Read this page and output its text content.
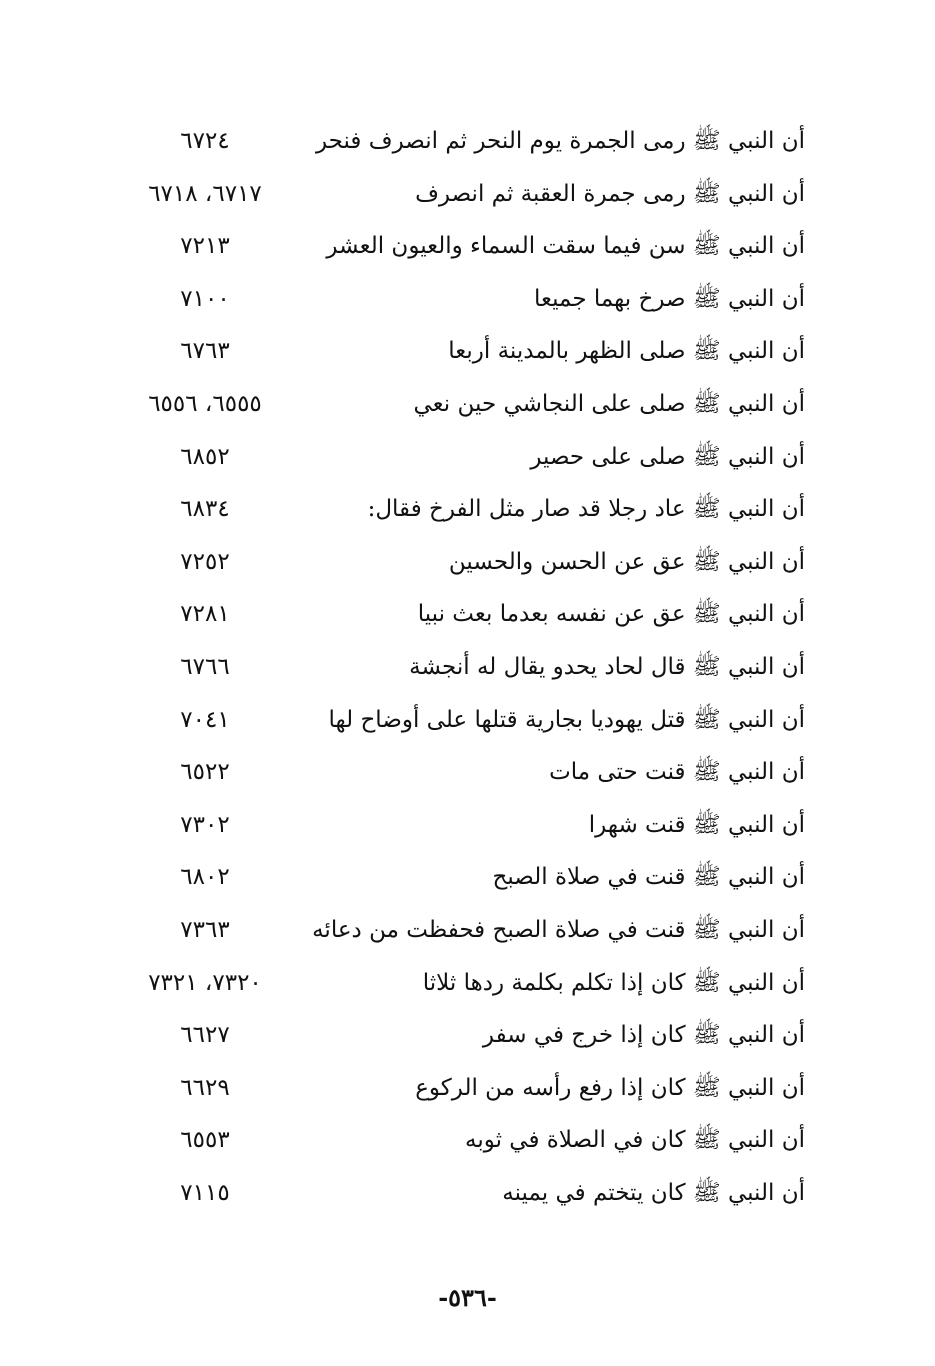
أن النبي ﷺ رمى الجمرة يوم النحر ثم انصرف فنحر
٦٧٢٤
أن النبي ﷺ رمى جمرة العقبة ثم انصرف
٦٧١٧، ٦٧١٨
أن النبي ﷺ سن فيما سقت السماء والعيون العشر
٧٢١٣
أن النبي ﷺ صرخ بهما جميعا
٧١٠٠
أن النبي ﷺ صلى الظهر بالمدينة أربعا
٦٧٦٣
أن النبي ﷺ صلى على النجاشي حين نعي
٦٥٥٥، ٦٥٥٦
أن النبي ﷺ صلى على حصير
٦٨٥٢
أن النبي ﷺ عاد رجلا قد صار مثل الفرخ فقال:
٦٨٣٤
أن النبي ﷺ عق عن الحسن والحسين
٧٢٥٢
أن النبي ﷺ عق عن نفسه بعدما بعث نبيا
٧٢٨١
أن النبي ﷺ قال لحاد يحدو يقال له أنجشة
٦٧٦٦
أن النبي ﷺ قتل يهوديا بجارية قتلها على أوضاح لها
٧٠٤١
أن النبي ﷺ قنت حتى مات
٦٥٢٢
أن النبي ﷺ قنت شهرا
٧٣٠٢
أن النبي ﷺ قنت في صلاة الصبح
٦٨٠٢
أن النبي ﷺ قنت في صلاة الصبح فحفظت من دعائه
٧٣٦٣
أن النبي ﷺ كان إذا تكلم بكلمة ردها ثلاثا
٧٣٢٠، ٧٣٢١
أن النبي ﷺ كان إذا خرج في سفر
٦٦٢٧
أن النبي ﷺ كان إذا رفع رأسه من الركوع
٦٦٢٩
أن النبي ﷺ كان في الصلاة في ثوبه
٦٥٥٣
أن النبي ﷺ كان يتختم في يمينه
٧١١٥
-٥٣٦-
